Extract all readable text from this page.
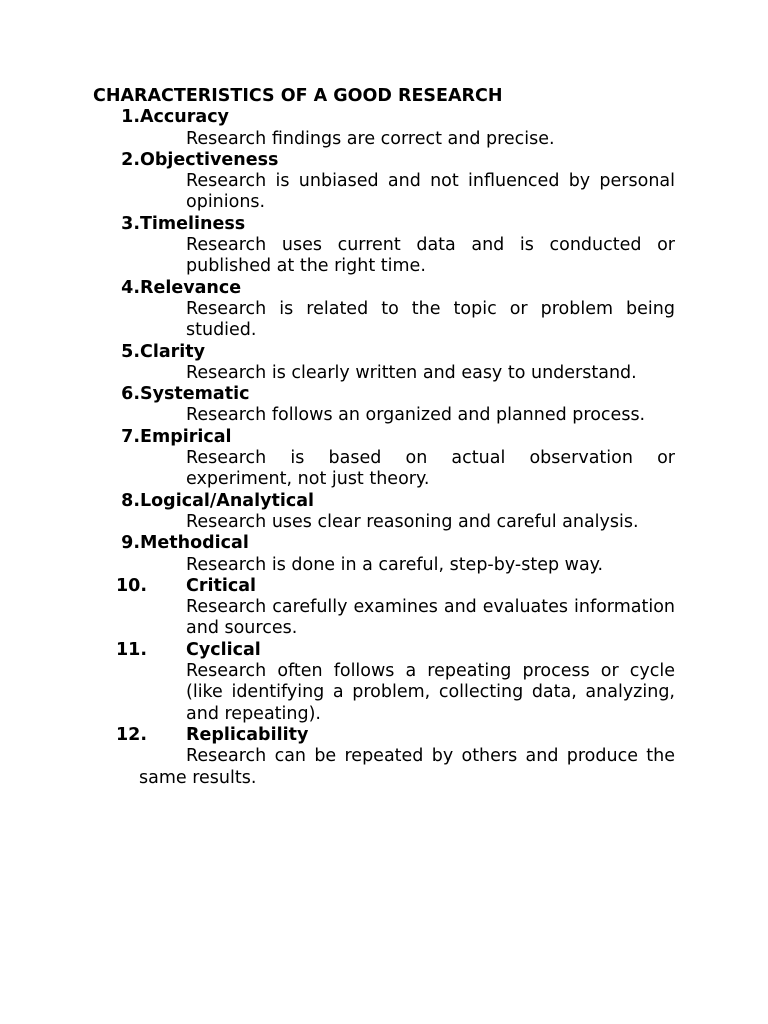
CHARACTERISTICS OF A GOOD RESEARCH
1. Accuracy
Research findings are correct and precise.
2. Objectiveness
Research is unbiased and not influenced by personal opinions.
3. Timeliness
Research uses current data and is conducted or published at the right time.
4. Relevance
Research is related to the topic or problem being studied.
5. Clarity
Research is clearly written and easy to understand.
6. Systematic
Research follows an organized and planned process.
7. Empirical
Research is based on actual observation or experiment, not just theory.
8. Logical/Analytical
Research uses clear reasoning and careful analysis.
9. Methodical
Research is done in a careful, step-by-step way.
10.	Critical
Research carefully examines and evaluates information and sources.
11.	Cyclical
Research often follows a repeating process or cycle (like identifying a problem, collecting data, analyzing, and repeating).
12.	Replicability
Research can be repeated by others and produce the same results.
